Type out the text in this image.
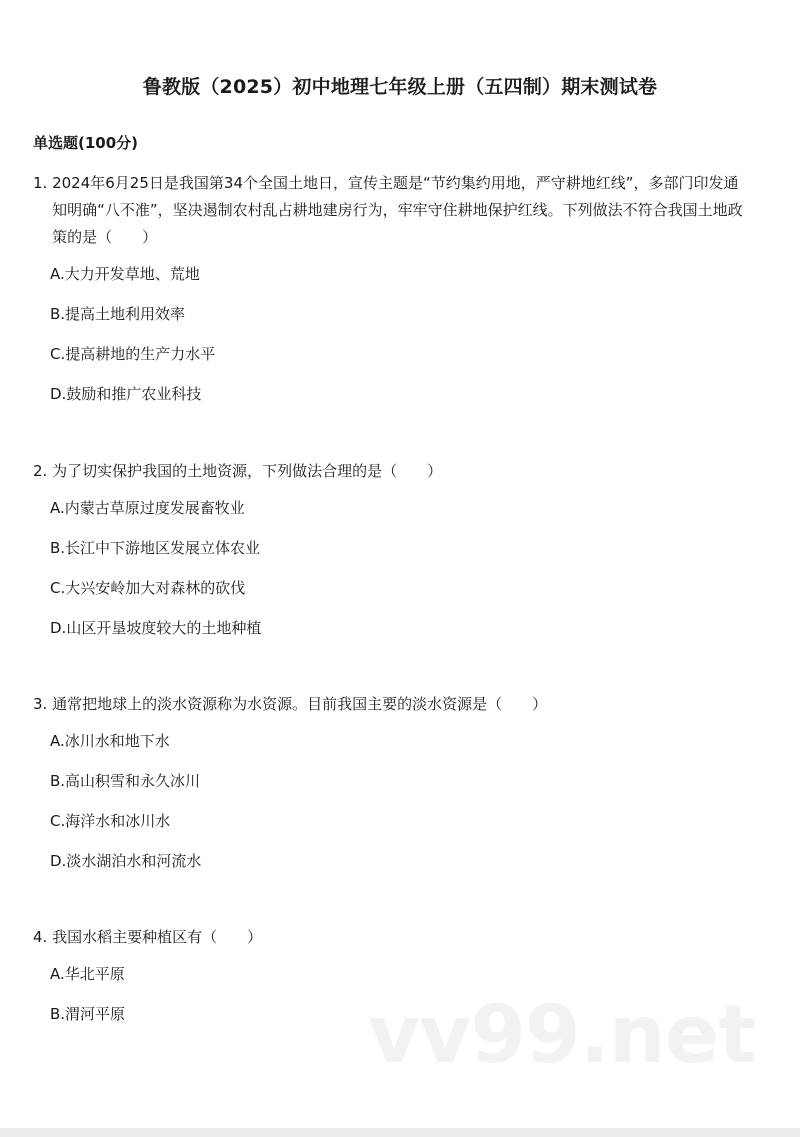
鲁教版（2025）初中地理七年级上册（五四制）期末测试卷
单选题(100分)
1. 2024年6月25日是我国第34个全国土地日，宣传主题是“节约集约用地，严守耕地红线”，多部门印发通知明确“八不准”，坚决遏制农村乱占耕地建房行为，牢牢守住耕地保护红线。下列做法不符合我国土地政策的是（　　）
A.大力开发草地、荒地
B.提高土地利用效率
C.提高耕地的生产力水平
D.鼓励和推广农业科技
2. 为了切实保护我国的土地资源，下列做法合理的是（　　）
A.内蒙古草原过度发展畜牧业
B.长江中下游地区发展立体农业
C.大兴安岭加大对森林的砍伐
D.山区开垦坡度较大的土地种植
3. 通常把地球上的淡水资源称为水资源。目前我国主要的淡水资源是（　　）
A.冰川水和地下水
B.高山积雪和永久冰川
C.海洋水和冰川水
D.淡水湖泊水和河流水
4. 我国水稻主要种植区有（　　）
A.华北平原
B.渭河平原	vv99.net
